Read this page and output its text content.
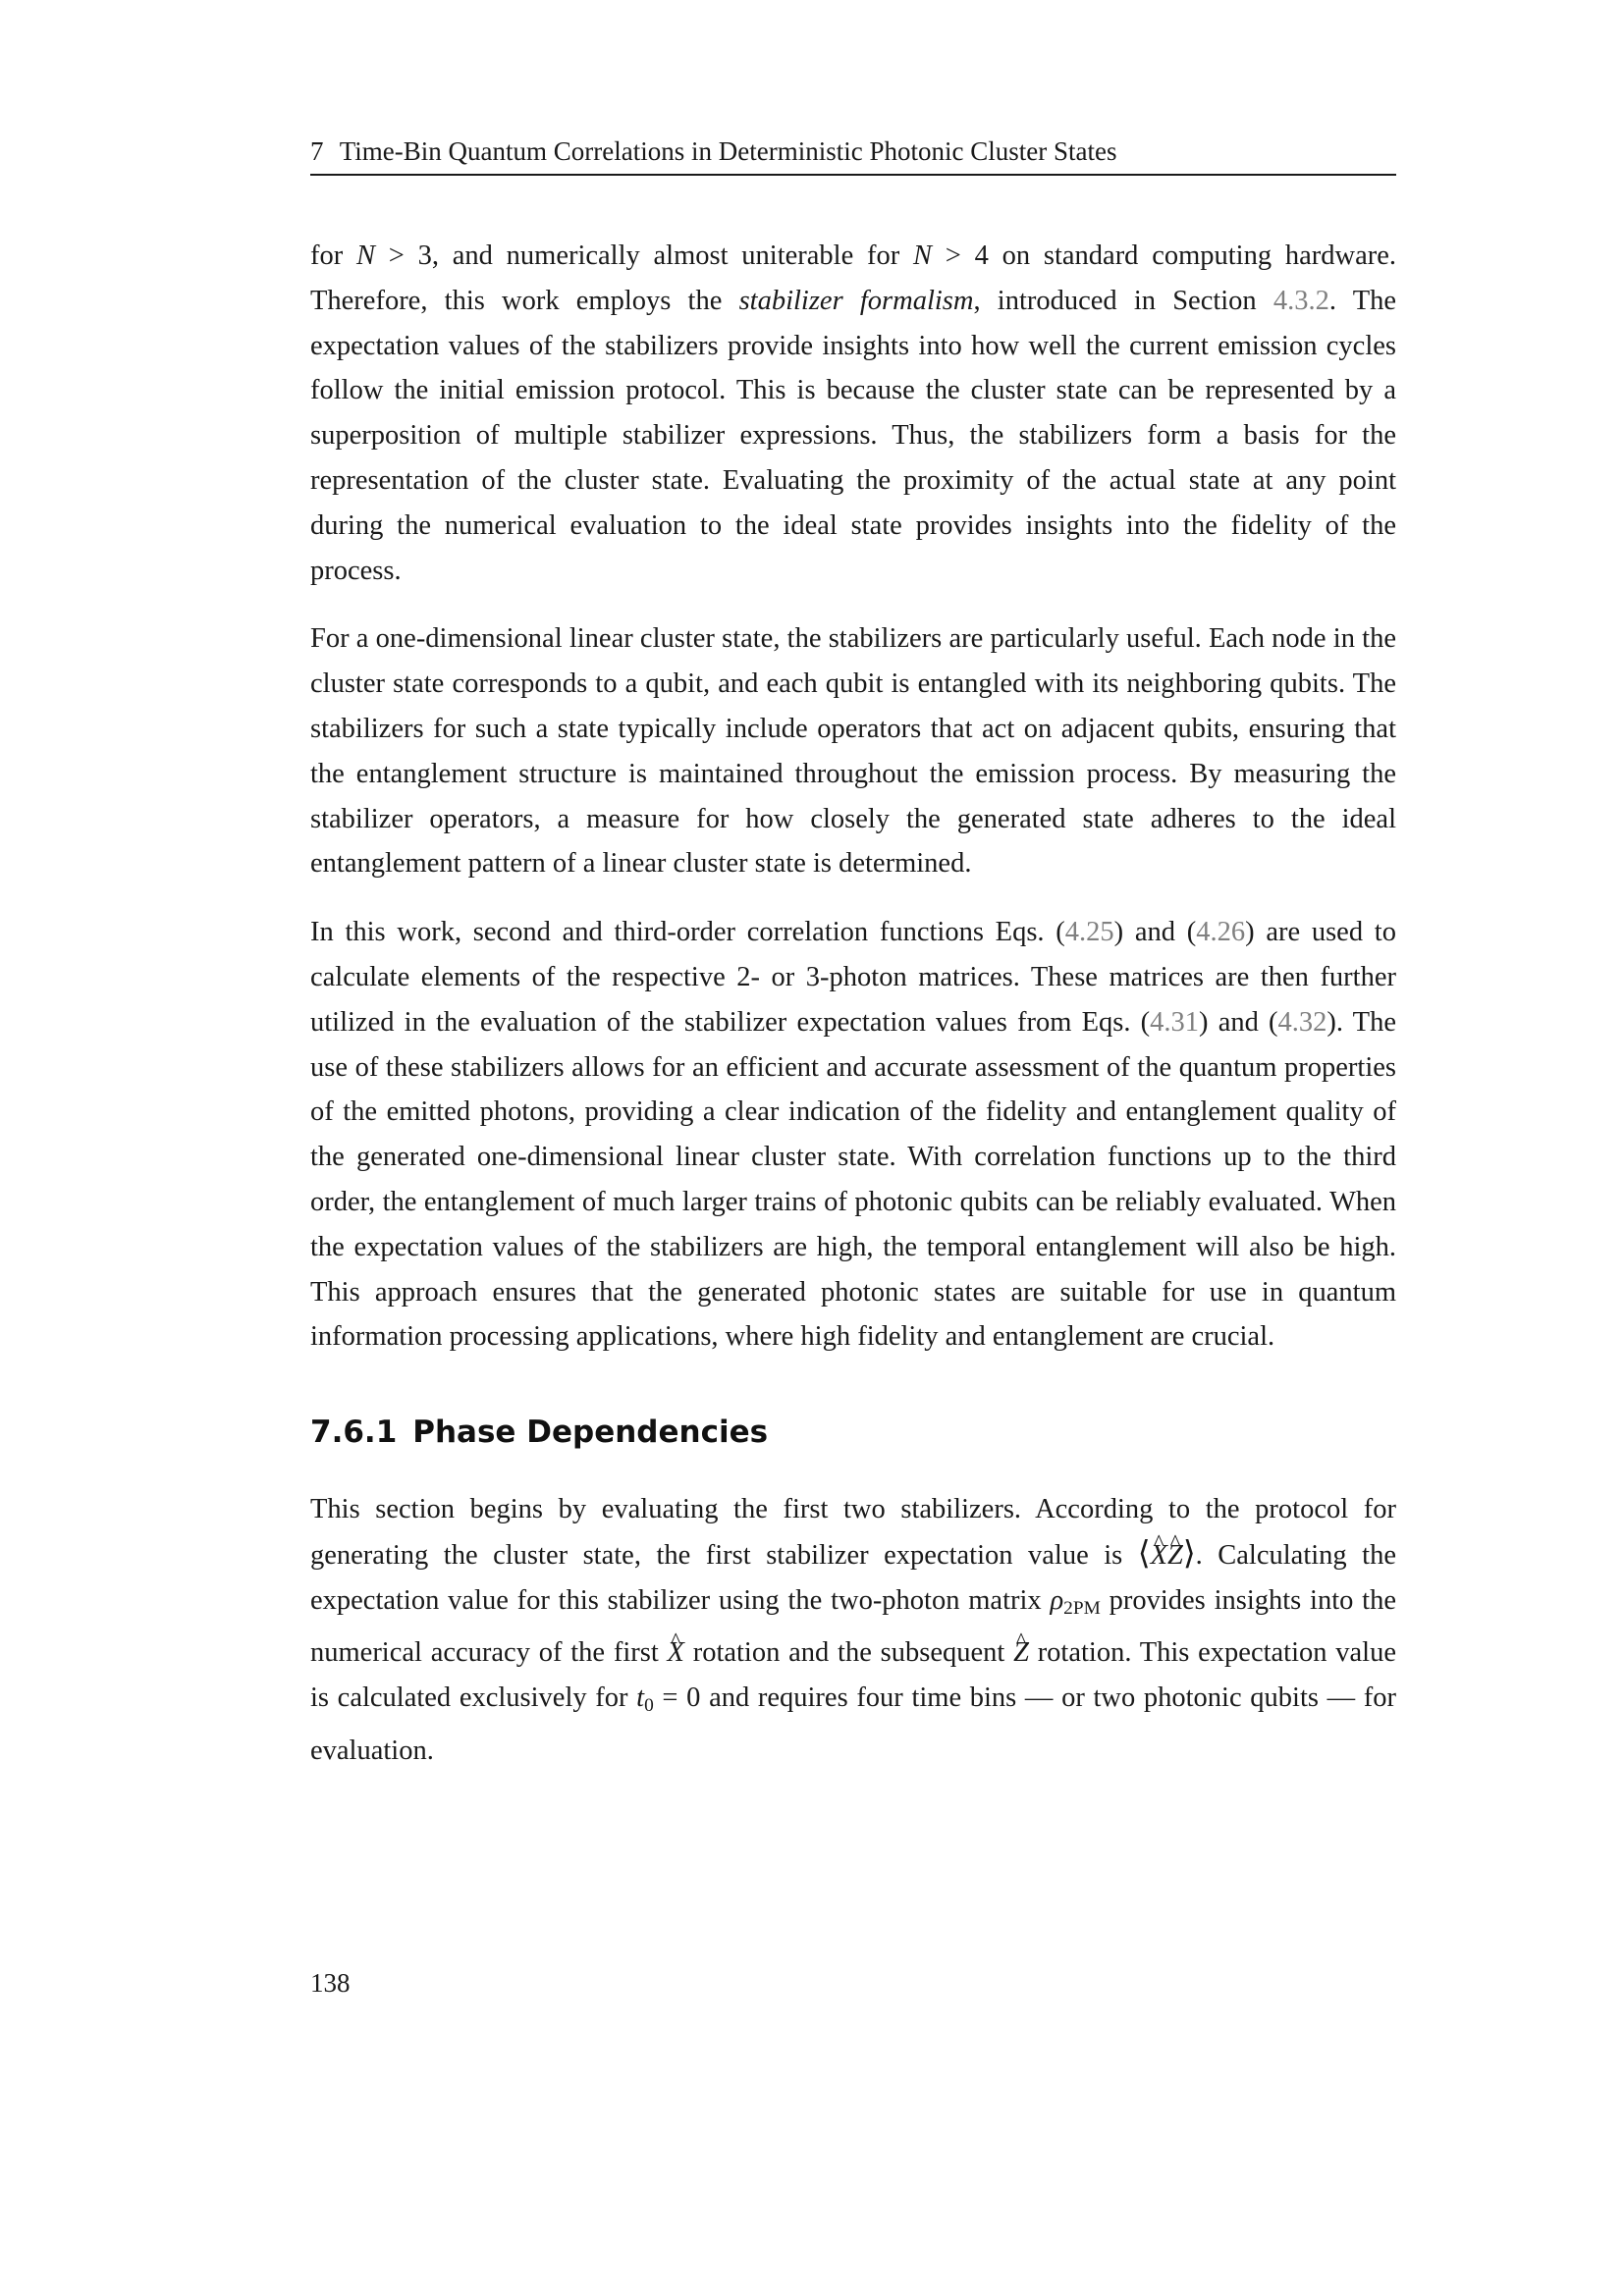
7 Time-Bin Quantum Correlations in Deterministic Photonic Cluster States

for N > 3, and numerically almost uniterable for N > 4 on standard computing hardware. Therefore, this work employs the stabilizer formalism, introduced in Section 4.3.2. The expectation values of the stabilizers provide insights into how well the current emission cycles follow the initial emission protocol. This is because the cluster state can be represented by a superposition of multiple stabilizer expressions. Thus, the stabilizers form a basis for the representation of the cluster state. Evaluating the proximity of the actual state at any point during the numerical evaluation to the ideal state provides insights into the fidelity of the process.

For a one-dimensional linear cluster state, the stabilizers are particularly useful. Each node in the cluster state corresponds to a qubit, and each qubit is entangled with its neighboring qubits. The stabilizers for such a state typically include operators that act on adjacent qubits, ensuring that the entanglement structure is maintained throughout the emission process. By measuring the stabilizer operators, a measure for how closely the generated state adheres to the ideal entanglement pattern of a linear cluster state is determined.

In this work, second and third-order correlation functions Eqs. (4.25) and (4.26) are used to calculate elements of the respective 2- or 3-photon matrices. These matrices are then further utilized in the evaluation of the stabilizer expectation values from Eqs. (4.31) and (4.32). The use of these stabilizers allows for an efficient and accurate assessment of the quantum properties of the emitted photons, providing a clear indication of the fidelity and entanglement quality of the generated one-dimensional linear cluster state. With correlation functions up to the third order, the entanglement of much larger trains of photonic qubits can be reliably evaluated. When the expectation values of the stabilizers are high, the temporal entanglement will also be high. This approach ensures that the generated photonic states are suitable for use in quantum information processing applications, where high fidelity and entanglement are crucial.

7.6.1 Phase Dependencies

This section begins by evaluating the first two stabilizers. According to the protocol for generating the cluster state, the first stabilizer expectation value is ⟨^ X^ Z⟩. Calculating the expectation value for this stabilizer using the two-photon matrix $\rho_{2PM}$ provides insights into the numerical accuracy of the first ^ X rotation and the subsequent ^ Z rotation. This expectation value is calculated exclusively for $t_0 = 0$ and requires four time bins — or two photonic qubits — for evaluation.

138
